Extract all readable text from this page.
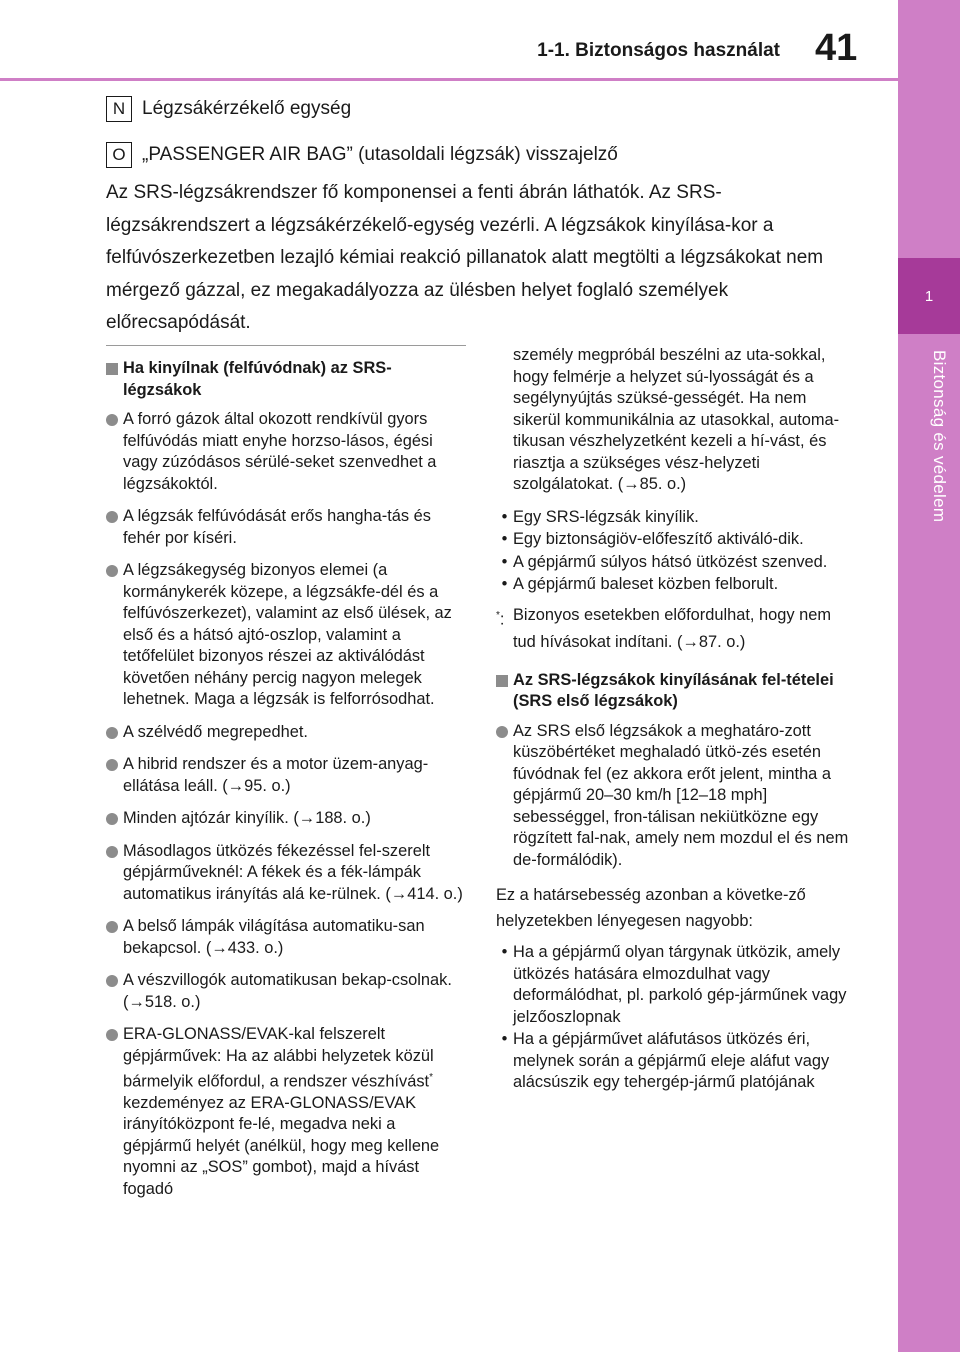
1
Biztonság és védelem
1-1. Biztonságos használat 41
N Légzsákérzékelő egység
O „PASSENGER AIR BAG” (utasoldali légzsák) visszajelző
Az SRS-légzsákrendszer fő komponensei a fenti ábrán láthatók. Az SRS-légzsákrendszert a légzsákérzékelő-egység vezérli. A légzsákok kinyílása-kor a felfúvószerkezetben lezajló kémiai reakció pillanatok alatt megtölti a légzsákokat nem mérgező gázzal, ez megakadályozza az ülésben helyet foglaló személyek előrecsapódását.
Ha kinyílnak (felfúvódnak) az SRS-légzsákok
A forró gázok által okozott rendkívül gyors felfúvódás miatt enyhe horzso-lásos, égési vagy zúzódásos sérülé-seket szenvedhet a légzsákoktól.
A légzsák felfúvódását erős hangha-tás és fehér por kíséri.
A légzsákegység bizonyos elemei (a kormánykerék közepe, a légzsákfe-dél és a felfúvószerkezet), valamint az első ülések, az első és a hátsó ajtó-oszlop, valamint a tetőfelület bizonyos részei az aktiválódást követően néhány percig nagyon melegek lehetnek. Maga a légzsák is felforrósodhat.
A szélvédő megrepedhet.
A hibrid rendszer és a motor üzem-anyag-ellátása leáll. (→95. o.)
Minden ajtózár kinyílik. (→188. o.)
Másodlagos ütközés fékezéssel fel-szerelt gépjárműveknél: A fékek és a fék-lámpák automatikus irányítás alá ke-rülnek. (→414. o.)
A belső lámpák világítása automatiku-san bekapcsol. (→433. o.)
A vészvillogók automatikusan bekap-csolnak. (→518. o.)
ERA-GLONASS/EVAK-kal felszerelt gépjárművek: Ha az alábbi helyzetek közül bármelyik előfordul, a rendszer vészhívást* kezdeményez az ERA-GLONASS/EVAK irányítóközpont fe-lé, megadva neki a gépjármű helyét (anélkül, hogy meg kellene nyomni az „SOS” gombot), majd a hívást fogadó
személy megpróbál beszélni az uta-sokkal, hogy felmérje a helyzet sú-lyosságát és a segélynyújtás szüksé-gességét. Ha nem sikerül kommunikálnia az utasokkal, automa-tikusan vészhelyzetként kezeli a hí-vást, és riasztja a szükséges vész-helyzeti szolgálatokat. (→85. o.)
• Egy SRS-légzsák kinyílik.
• Egy biztonságiöv-előfeszítő aktiváló-dik.
• A gépjármű súlyos hátsó ütközést szenved.
• A gépjármű baleset közben felborult.
*: Bizonyos esetekben előfordulhat, hogy nem tud hívásokat indítani. (→87. o.)
Az SRS-légzsákok kinyílásának fel-tételei (SRS első légzsákok)
Az SRS első légzsákok a meghatáro-zott küszöbértéket meghaladó ütkö-zés esetén fúvódnak fel (ez akkora erőt jelent, mintha a gépjármű 20–30 km/h [12–18 mph] sebességgel, fron-tálisan nekiütközne egy rögzített fal-nak, amely nem mozdul el és nem de-formálódik).
Ez a határsebesség azonban a követke-ző helyzetekben lényegesen nagyobb:
• Ha a gépjármű olyan tárgynak ütközik, amely ütközés hatására elmozdulhat vagy deformálódhat, pl. parkoló gép-járműnek vagy jelzőoszlopnak
• Ha a gépjárművet aláfutásos ütközés éri, melynek során a gépjármű eleje aláfut vagy alácsúszik egy tehergép-jármű platójának
